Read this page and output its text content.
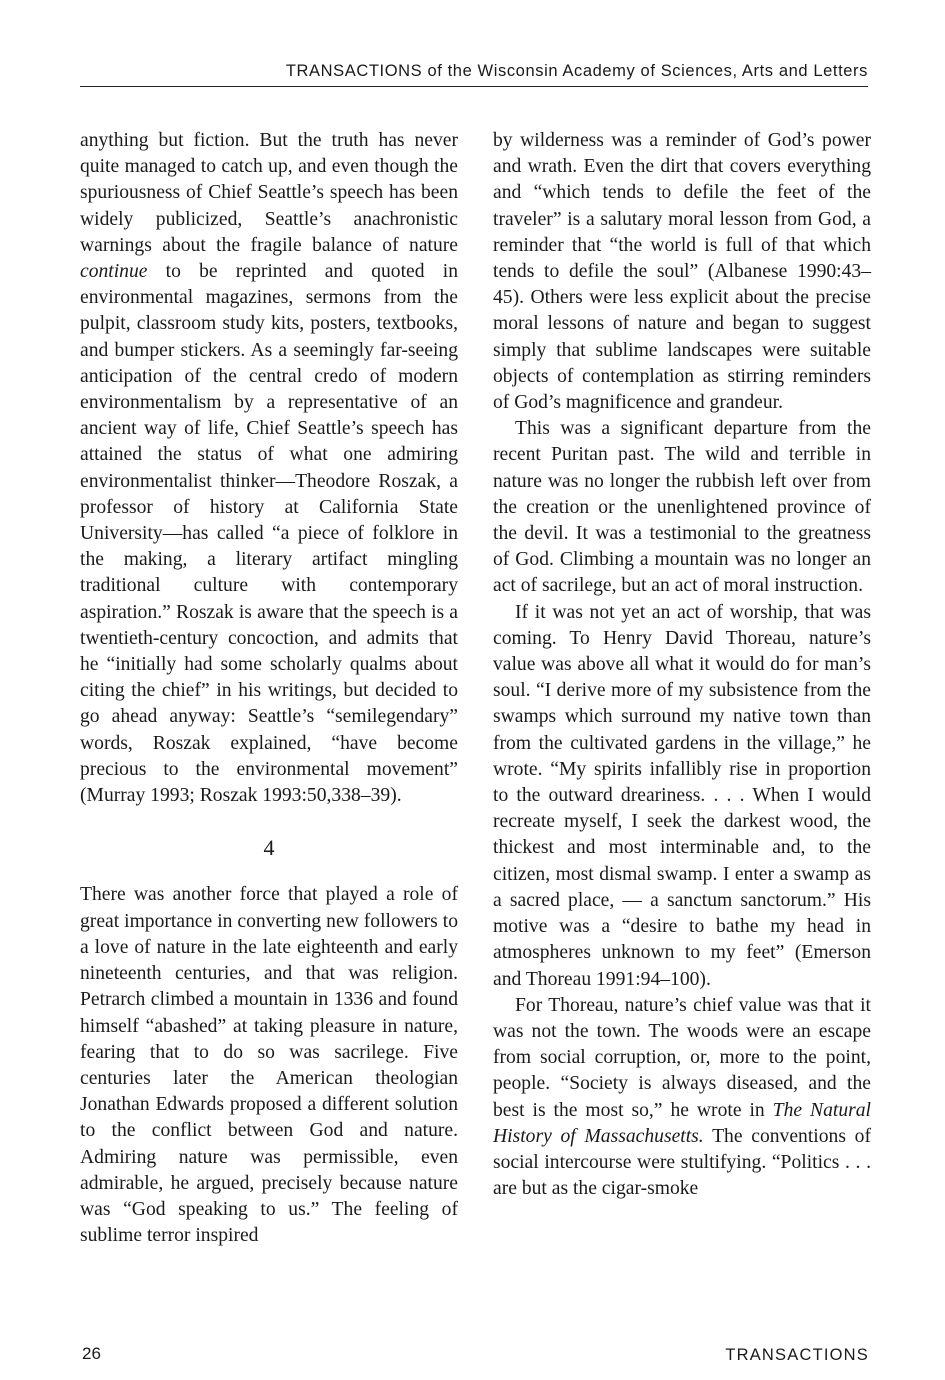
TRANSACTIONS of the Wisconsin Academy of Sciences, Arts and Letters

anything but fiction. But the truth has never quite managed to catch up, and even though the spuriousness of Chief Seattle’s speech has been widely publicized, Seattle’s anachronistic warnings about the fragile balance of nature continue to be reprinted and quoted in environmental magazines, sermons from the pulpit, classroom study kits, posters, textbooks, and bumper stickers. As a seemingly far-seeing anticipation of the central credo of modern environmentalism by a representative of an ancient way of life, Chief Seattle’s speech has attained the status of what one admiring environmentalist thinker—Theodore Roszak, a professor of history at California State University—has called “a piece of folklore in the making, a literary artifact mingling traditional culture with contemporary aspiration.” Roszak is aware that the speech is a twentieth-century concoction, and admits that he “initially had some scholarly qualms about citing the chief” in his writings, but decided to go ahead anyway: Seattle’s “semilegendary” words, Roszak explained, “have become precious to the environmental movement” (Murray 1993; Roszak 1993:50,338–39).

4

There was another force that played a role of great importance in converting new followers to a love of nature in the late eighteenth and early nineteenth centuries, and that was religion. Petrarch climbed a mountain in 1336 and found himself “abashed” at taking pleasure in nature, fearing that to do so was sacrilege. Five centuries later the American theologian Jonathan Edwards proposed a different solution to the conflict between God and nature. Admiring nature was permissible, even admirable, he argued, precisely because nature was “God speaking to us.” The feeling of sublime terror inspired

by wilderness was a reminder of God’s power and wrath. Even the dirt that covers everything and “which tends to defile the feet of the traveler” is a salutary moral lesson from God, a reminder that “the world is full of that which tends to defile the soul” (Albanese 1990:43–45). Others were less explicit about the precise moral lessons of nature and began to suggest simply that sublime landscapes were suitable objects of contemplation as stirring reminders of God’s magnificence and grandeur.

This was a significant departure from the recent Puritan past. The wild and terrible in nature was no longer the rubbish left over from the creation or the unenlightened province of the devil. It was a testimonial to the greatness of God. Climbing a mountain was no longer an act of sacrilege, but an act of moral instruction.

If it was not yet an act of worship, that was coming. To Henry David Thoreau, nature’s value was above all what it would do for man’s soul. “I derive more of my subsistence from the swamps which surround my native town than from the cultivated gardens in the village,” he wrote. “My spirits infallibly rise in proportion to the outward dreariness. . . . When I would recreate myself, I seek the darkest wood, the thickest and most interminable and, to the citizen, most dismal swamp. I enter a swamp as a sacred place, — a sanctum sanctorum.” His motive was a “desire to bathe my head in atmospheres unknown to my feet” (Emerson and Thoreau 1991:94–100).

For Thoreau, nature’s chief value was that it was not the town. The woods were an escape from social corruption, or, more to the point, people. “Society is always diseased, and the best is the most so,” he wrote in The Natural History of Massachusetts. The conventions of social intercourse were stultifying. “Politics . . . are but as the cigar-smoke

26	TRANSACTIONS
